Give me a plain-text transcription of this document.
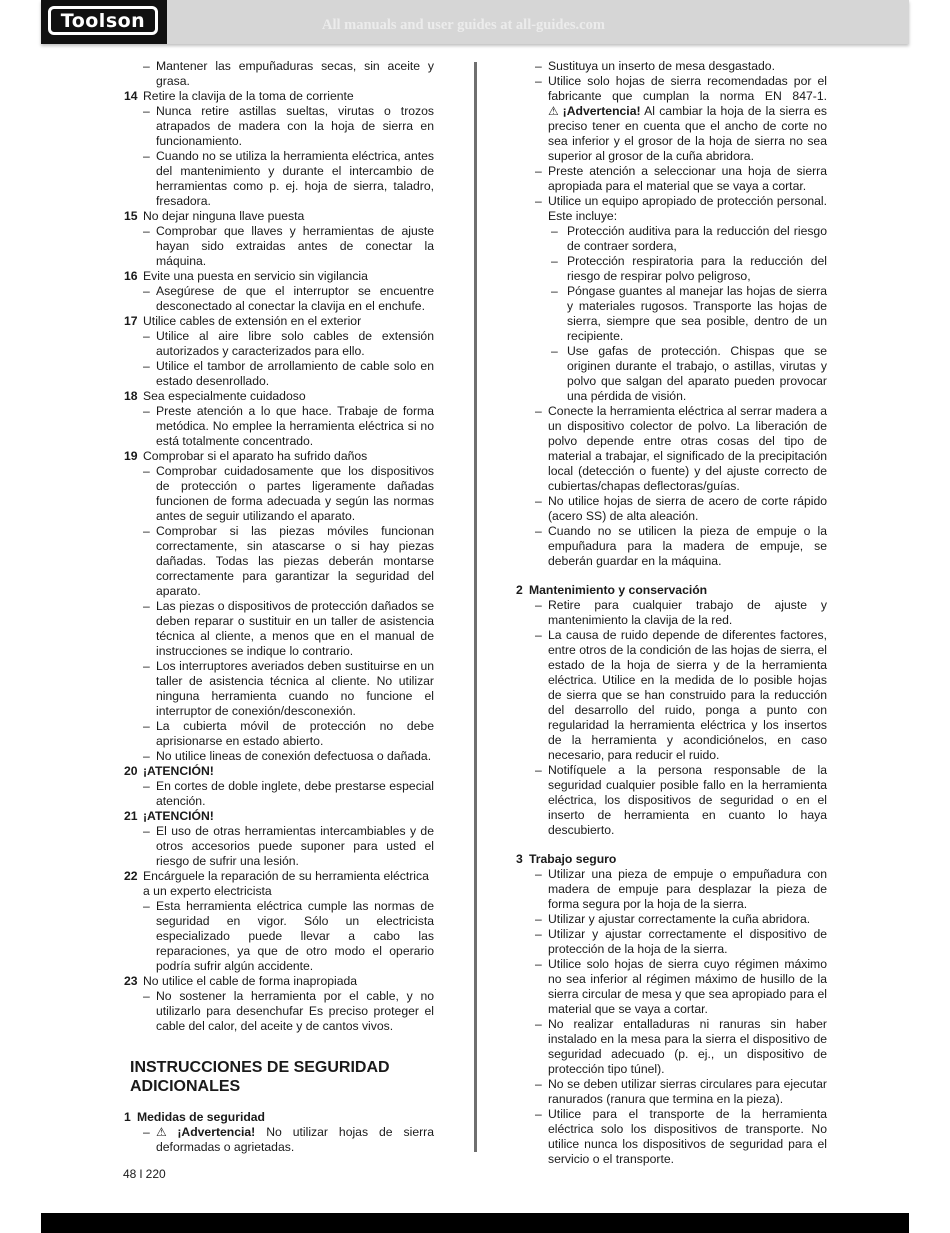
Toolson	All manuals and user guides at all-guides.com
– Mantener las empuñaduras secas, sin aceite y grasa.
14 Retire la clavija de la toma de corriente
– Nunca retire astillas sueltas, virutas o trozos atrapados de madera con la hoja de sierra en funcionamiento.
– Cuando no se utiliza la herramienta eléctrica, antes del mantenimiento y durante el intercambio de herramientas como p. ej. hoja de sierra, taladro, fresadora.
15 No dejar ninguna llave puesta
– Comprobar que llaves y herramientas de ajuste hayan sido extraidas antes de conectar la máquina.
16 Evite una puesta en servicio sin vigilancia
– Asegúrese de que el interruptor se encuentre desconectado al conectar la clavija en el enchufe.
17 Utilice cables de extensión en el exterior
– Utilice al aire libre solo cables de extensión autorizados y caracterizados para ello.
– Utilice el tambor de arrollamiento de cable solo en estado desenrollado.
18 Sea especialmente cuidadoso
– Preste atención a lo que hace. Trabaje de forma metódica. No emplee la herramienta eléctrica si no está totalmente concentrado.
19 Comprobar si el aparato ha sufrido daños
– Comprobar cuidadosamente que los dispositivos de protección o partes ligeramente dañadas funcionen de forma adecuada y según las normas antes de seguir utilizando el aparato.
– Comprobar si las piezas móviles funcionan correctamente, sin atascarse o si hay piezas dañadas. Todas las piezas deberán montarse correctamente para garantizar la seguridad del aparato.
– Las piezas o dispositivos de protección dañados se deben reparar o sustituir en un taller de asistencia técnica al cliente, a menos que en el manual de instrucciones se indique lo contrario.
– Los interruptores averiados deben sustituirse en un taller de asistencia técnica al cliente. No utilizar ninguna herramienta cuando no funcione el interruptor de conexión/desconexión.
– La cubierta móvil de protección no debe aprisionarse en estado abierto.
– No utilice lineas de conexión defectuosa o dañada.
20 ¡ATENCIÓN!
– En cortes de doble inglete, debe prestarse especial atención.
21 ¡ATENCIÓN!
– El uso de otras herramientas intercambiables y de otros accesorios puede suponer para usted el riesgo de sufrir una lesión.
22 Encárguele la reparación de su herramienta eléctrica a un experto electricista
– Esta herramienta eléctrica cumple las normas de seguridad en vigor. Sólo un electricista especializado puede llevar a cabo las reparaciones, ya que de otro modo el operario podría sufrir algún accidente.
23 No utilice el cable de forma inapropiada
– No sostener la herramienta por el cable, y no utilizarlo para desenchufar Es preciso proteger el cable del calor, del aceite y de cantos vivos.
INSTRUCCIONES DE SEGURIDAD ADICIONALES
1 Medidas de seguridad
– ⚠ ¡Advertencia! No utilizar hojas de sierra deformadas o agrietadas.
– Sustituya un inserto de mesa desgastado.
– Utilice solo hojas de sierra recomendadas por el fabricante que cumplan la norma EN 847-1. ⚠ ¡Advertencia! Al cambiar la hoja de la sierra es preciso tener en cuenta que el ancho de corte no sea inferior y el grosor de la hoja de sierra no sea superior al grosor de la cuña abridora.
– Preste atención a seleccionar una hoja de sierra apropiada para el material que se vaya a cortar.
– Utilice un equipo apropiado de protección personal. Este incluye:
– Protección auditiva para la reducción del riesgo de contraer sordera,
– Protección respiratoria para la reducción del riesgo de respirar polvo peligroso,
– Póngase guantes al manejar las hojas de sierra y materiales rugosos. Transporte las hojas de sierra, siempre que sea posible, dentro de un recipiente.
– Use gafas de protección. Chispas que se originen durante el trabajo, o astillas, virutas y polvo que salgan del aparato pueden provocar una pérdida de visión.
– Conecte la herramienta eléctrica al serrar madera a un dispositivo colector de polvo. La liberación de polvo depende entre otras cosas del tipo de material a trabajar, el significado de la precipitación local (detección o fuente) y del ajuste correcto de cubiertas/chapas deflectoras/guías.
– No utilice hojas de sierra de acero de corte rápido (acero SS) de alta aleación.
– Cuando no se utilicen la pieza de empuje o la empuñadura para la madera de empuje, se deberán guardar en la máquina.
2 Mantenimiento y conservación
– Retire para cualquier trabajo de ajuste y mantenimiento la clavija de la red.
– La causa de ruido depende de diferentes factores, entre otros de la condición de las hojas de sierra, el estado de la hoja de sierra y de la herramienta eléctrica. Utilice en la medida de lo posible hojas de sierra que se han construido para la reducción del desarrollo del ruido, ponga a punto con regularidad la herramienta eléctrica y los insertos de la herramienta y acondiciónelos, en caso necesario, para reducir el ruido.
– Notifíquele a la persona responsable de la seguridad cualquier posible fallo en la herramienta eléctrica, los dispositivos de seguridad o en el inserto de herramienta en cuanto lo haya descubierto.
3 Trabajo seguro
– Utilizar una pieza de empuje o empuñadura con madera de empuje para desplazar la pieza de forma segura por la hoja de la sierra.
– Utilizar y ajustar correctamente la cuña abridora.
– Utilizar y ajustar correctamente el dispositivo de protección de la hoja de la sierra.
– Utilice solo hojas de sierra cuyo régimen máximo no sea inferior al régimen máximo de husillo de la sierra circular de mesa y que sea apropiado para el material que se vaya a cortar.
– No realizar entalladuras ni ranuras sin haber instalado en la mesa para la sierra el dispositivo de seguridad adecuado (p. ej., un dispositivo de protección tipo túnel).
– No se deben utilizar sierras circulares para ejecutar ranurados (ranura que termina en la pieza).
– Utilice para el transporte de la herramienta eléctrica solo los dispositivos de transporte. No utilice nunca los dispositivos de seguridad para el servicio o el transporte.
48 l 220
